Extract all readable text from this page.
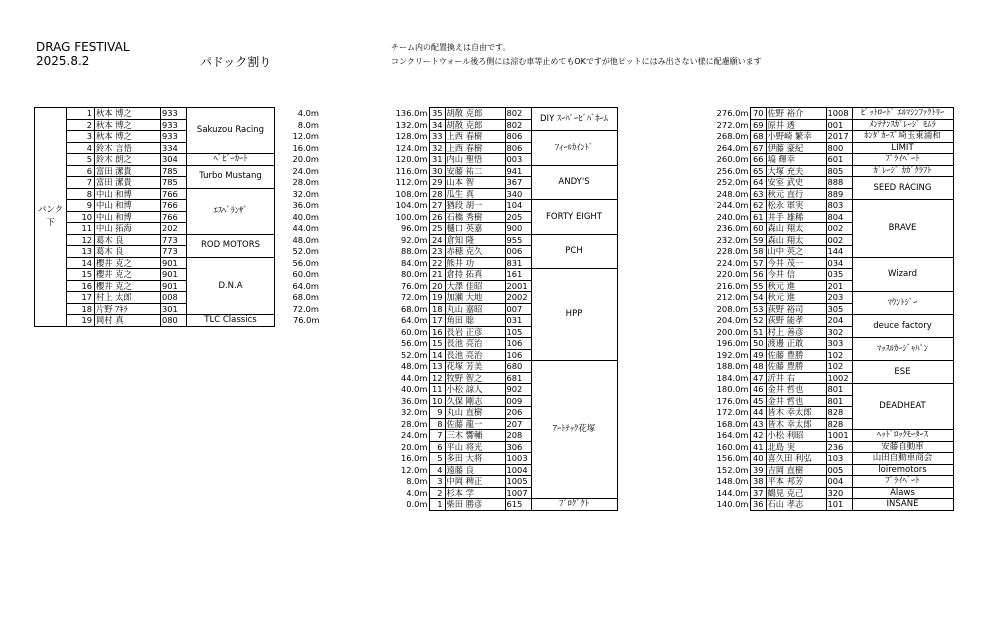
DRAG FESTIVAL
2025.8.2	パドック割り
チーム内の配置換えは自由です。
コンクリートウォール後ろ側には涼む車等止めてもOKですが他ピットにはみ出さない様に配慮願います
パンク
下	1	秋本 博之	933	Sakuzou Racing	4.0m
	2	秋本 博之	933		8.0m
	3	秋本 博之	933		12.0m
	4	鈴木 言悟	334		16.0m
	5	鈴木 朗之	304	ﾍﾞﾋﾞｰｶｰﾄ	20.0m
	6	富田 潔貴	785	Turbo Mustang	24.0m
	7	富田 潔貴	785		28.0m
	8	中山 和博	766	ｴｽﾍﾞﾗﾝｻﾞ	32.0m
	9	中山 和博	766		36.0m
	10	中山 和博	766		40.0m
	11	中山 拓海	202		44.0m
	12	葛木 良	773	ROD MOTORS	48.0m
	13	葛木 良	773		52.0m
	14	櫻井 克之	901	D.N.A	56.0m
	15	櫻井 克之	901		60.0m
	16	櫻井 克之	901		64.0m
	17	村上 太郎	008		68.0m
	18	片野 ｱｷﾗ	301		72.0m
	19	岡村 真	080	TLC Classics	76.0m
136.0m	35	胡散 克郎	802	DIY ｽｰﾊﾟｰﾋﾞﾊﾞﾎｰﾑ
132.0m	34	胡散 克郎	802	
128.0m	33	上西 春樹	806	ﾌｨｰﾙｶｲﾝﾄﾞ
124.0m	32	上西 春樹	806	
120.0m	31	内山 聖悟	003	
116.0m	30	安藤 祐二	941	ANDY'S
112.0m	29	山本 智	367	
108.0m	28	瓜生 真	340	
104.0m	27	猶段 胡一	104	FORTY EIGHT
100.0m	26	石橋 秀樹	205	
96.0m	25	樋口 英嘉	900	
92.0m	24	倉知 隆	955	PCH
88.0m	23	赤穂 克久	006	
84.0m	22	熊井 功	831	
80.0m	21	倉持 拓真	161	HPP
76.0m	20	大澤 佳昭	2001	
72.0m	19	加瀬 大地	2002	
68.0m	18	丸山 嘉昭	007	
64.0m	17	角田 聡	031	
60.0m	16	長岩 正彦	105	
56.0m	15	長池 亮治	106	
52.0m	14	長池 亮治	106	
48.0m	13	花塚 芳美	680	ｱｰﾄﾃｯｸ花塚
44.0m	12	牧野 智之	681	
40.0m	11	小松 諒人	902	
36.0m	10	久保 剛志	009	
32.0m	9	丸山 直樹	206	
28.0m	8	佐藤 龍一	207	
24.0m	7	三木 響輔	208	
20.0m	6	平山 将光	306	
16.0m	5	多田 大将	1003	
12.0m	4	遠藤 良	1004	
8.0m	3	中岡 稗正	1005	
4.0m	2	杉本 学	1007	
0.0m	1	柴田 勝彦	615	ﾌﾟﾛｸﾞｸﾄ
276.0m	70	佐野 裕介	1008	ﾋﾟｯﾄﾛｰﾄﾞ ｴﾙﾏｼﾝﾌｧｸﾄﾘｰ
272.0m	69	原井 透	001	ﾒﾝﾃﾅﾝｽｶﾞﾚｰｼﾞ ﾓﾑﾗ
268.0m	68	小野崎 繁幸	2017	ﾎﾝﾀﾞｶｰｽﾞ埼玉東浦和
264.0m	67	伊藤 豪紀	800	LIMIT
260.0m	66	塙 輝幸	601	ﾌﾟﾗｲﾍﾞｰﾄ
256.0m	65	大塚 充夫	805	ｶﾞﾚｰｼﾞ ｶｶﾞｸﾗﾌﾄ
252.0m	64	安室 武史	888	SEED RACING
248.0m	63	秋元 直行	889	
244.0m	62	松永 軍実	803	BRAVE
240.0m	61	井手 雄稀	804	
236.0m	60	森山 翔太	002	
232.0m	59	森山 翔太	002	
228.0m	58	山中 英之	144	
224.0m	57	今井 茂一	034	Wizard
220.0m	56	今井 信	035	
216.0m	55	秋元 進	201	
212.0m	54	秋元 進	203	ﾏｳﾝﾄｼﾞｰ
208.0m	53	荻野 裕司	305	
204.0m	52	荻野 能孝	204	deuce factory
200.0m	51	村上 善彦	302	
196.0m	50	渡邊 正敢	303	ﾏｯｽﾙｶｰｼﾞｬﾊﾟﾝ
192.0m	49	佐藤 豊勝	102	
188.0m	48	佐藤 豊勝	102	ESE
184.0m	47	沂井 右	1002	
180.0m	46	金井 哲也	801	DEADHEAT
176.0m	45	金井 哲也	801	
172.0m	44	皆木 幸太郎	828	
168.0m	43	皆木 幸太郎	828	
164.0m	42	小松 利昭	1001	ﾍｯﾄﾞﾛｯｸﾓｰﾀｰｽ
160.0m	41	北島 実	236	安藤自動車
156.0m	40	喜久田 利弘	103	山田自動車商会
152.0m	39	吉岡 直樹	005	loiremotors
148.0m	38	平本 邦芳	004	ﾌﾟﾗｲﾍﾞｰﾄ
144.0m	37	鶴見 克己	320	Alaws
140.0m	36	石山 孝志	101	INSANE
